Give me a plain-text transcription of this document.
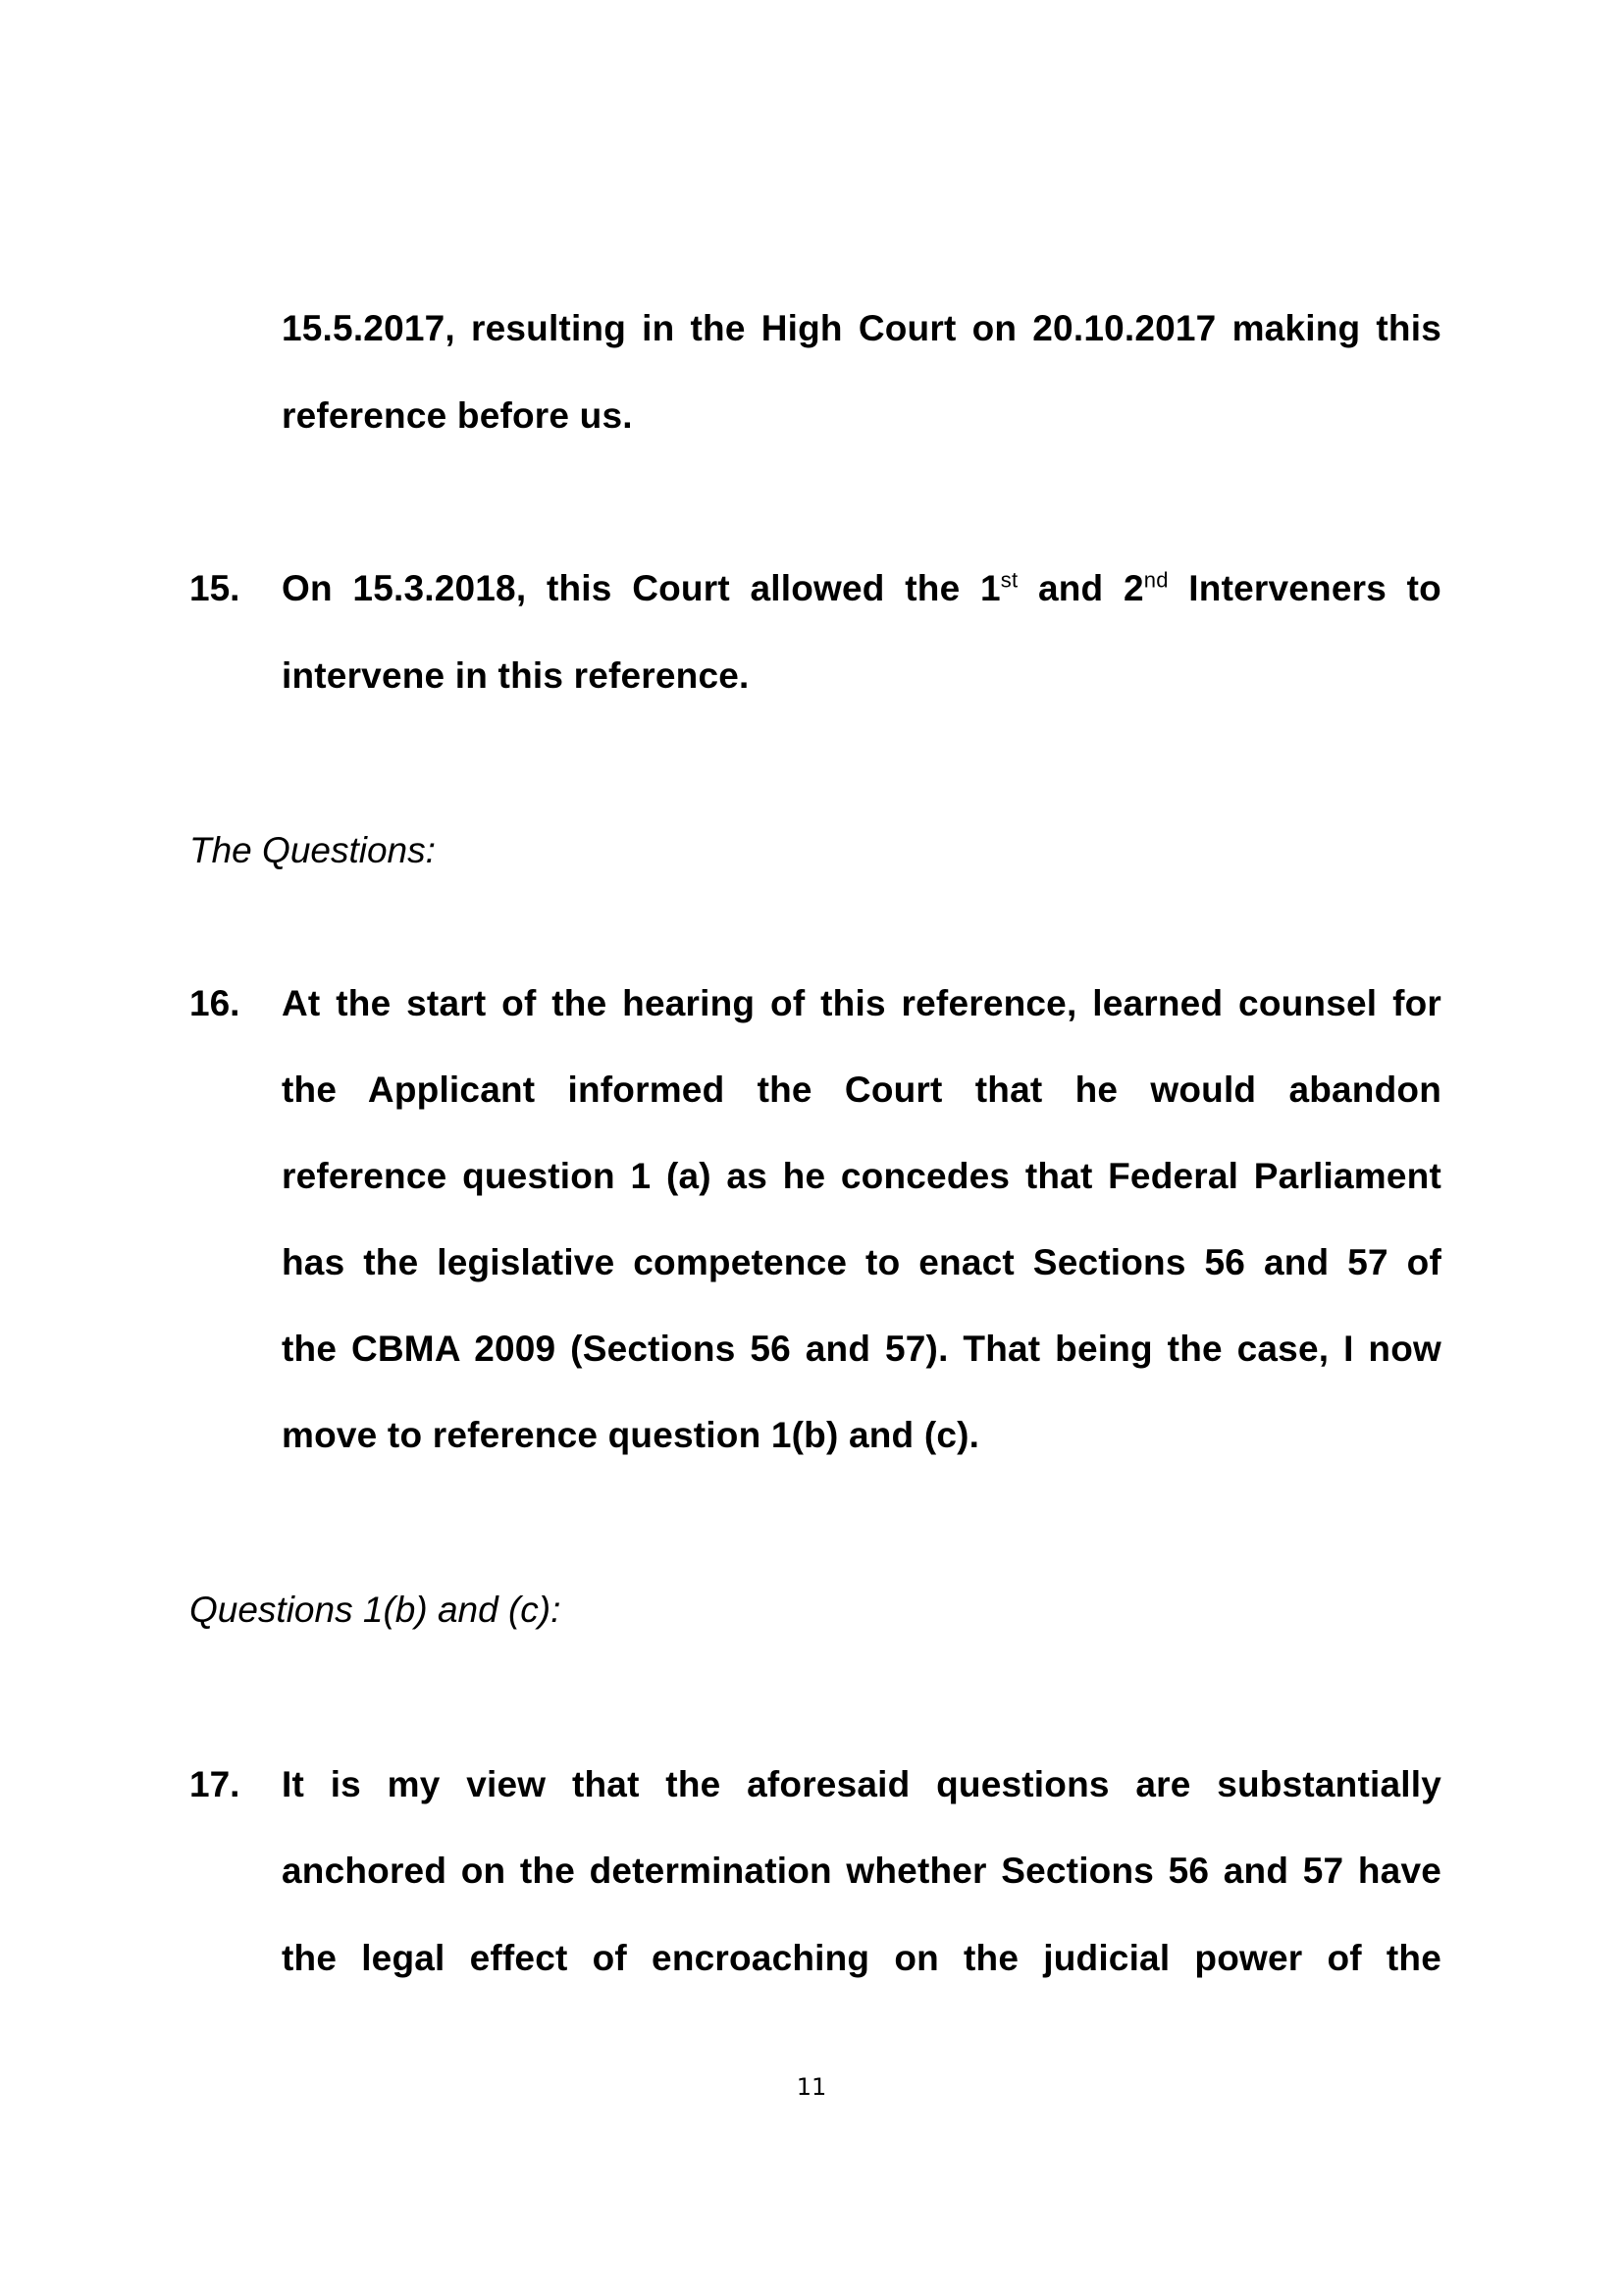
15.5.2017, resulting in the High Court on 20.10.2017 making this
reference before us.
15. On 15.3.2018, this Court allowed the 1st and 2nd Interveners to
intervene in this reference.
The Questions:
16. At the start of the hearing of this reference, learned counsel for
the Applicant informed the Court that he would abandon
reference question 1 (a) as he concedes that Federal Parliament
has the legislative competence to enact Sections 56 and 57 of
the CBMA 2009 (Sections 56 and 57). That being the case, I now
move to reference question 1(b) and (c).
Questions 1(b) and (c):
17. It is my view that the aforesaid questions are substantially
anchored on the determination whether Sections 56 and 57 have
the legal effect of encroaching on the judicial power of the
11
